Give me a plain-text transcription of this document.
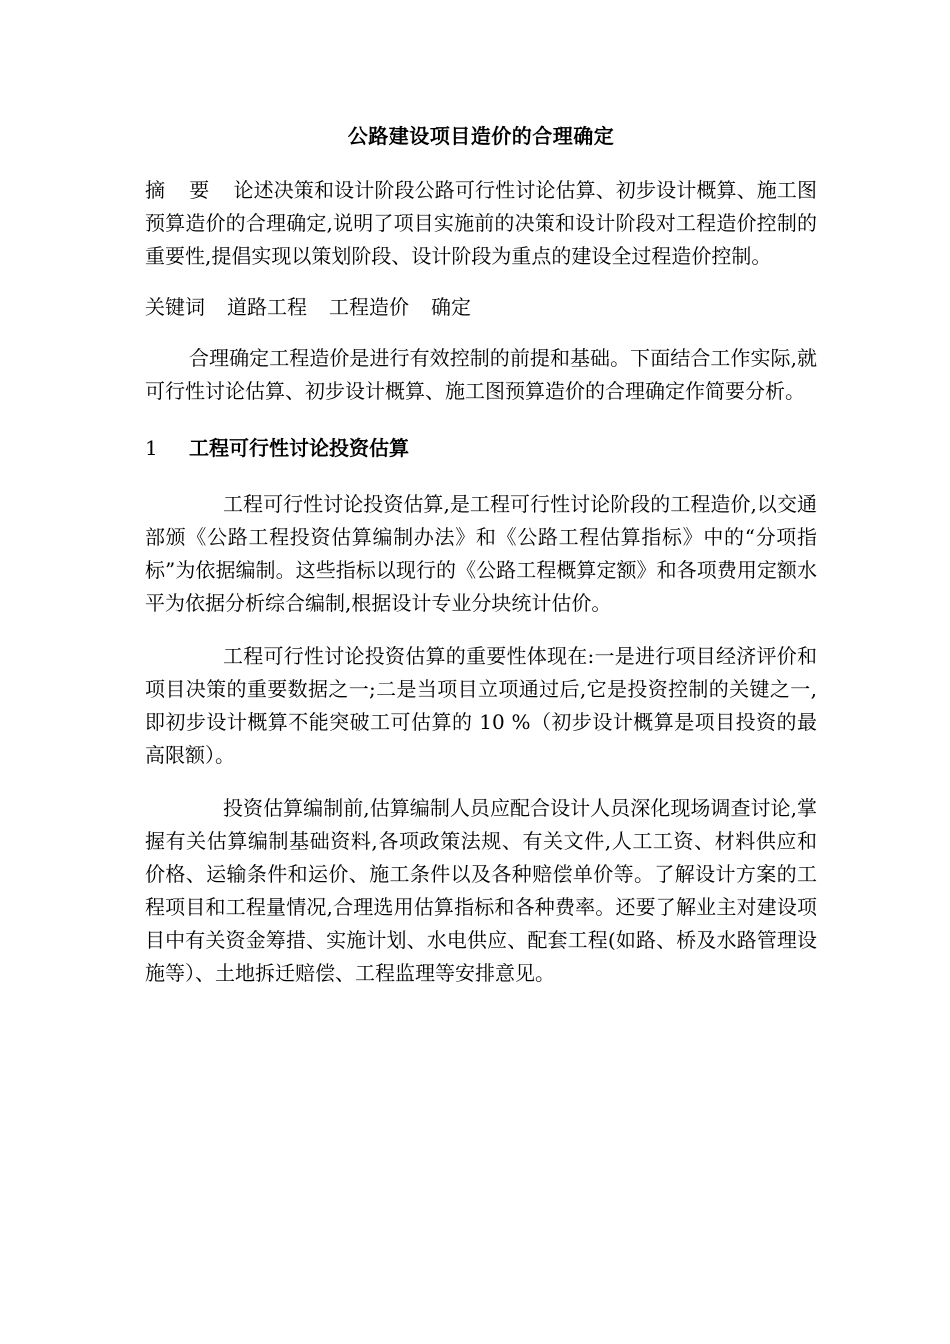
公路建设项目造价的合理确定

摘 要 论述决策和设计阶段公路可行性讨论估算、初步设计概算、施工图预算造价的合理确定,说明了项目实施前的决策和设计阶段对工程造价控制的重要性,提倡实现以策划阶段、设计阶段为重点的建设全过程造价控制。

关键词 道路工程 工程造价 确定

合理确定工程造价是进行有效控制的前提和基础。下面结合工作实际,就可行性讨论估算、初步设计概算、施工图预算造价的合理确定作简要分析。

1 工程可行性讨论投资估算

工程可行性讨论投资估算,是工程可行性讨论阶段的工程造价,以交通部颁《公路工程投资估算编制办法》和《公路工程估算指标》中的“分项指标”为依据编制。这些指标以现行的《公路工程概算定额》和各项费用定额水平为依据分析综合编制,根据设计专业分块统计估价。

工程可行性讨论投资估算的重要性体现在:一是进行项目经济评价和项目决策的重要数据之一;二是当项目立项通过后,它是投资控制的关键之一,即初步设计概算不能突破工可估算的 10 %（初步设计概算是项目投资的最高限额）。

投资估算编制前,估算编制人员应配合设计人员深化现场调查讨论,掌握有关估算编制基础资料,各项政策法规、有关文件,人工工资、材料供应和价格、运输条件和运价、施工条件以及各种赔偿单价等。了解设计方案的工程项目和工程量情况,合理选用估算指标和各种费率。还要了解业主对建设项目中有关资金筹措、实施计划、水电供应、配套工程(如路、桥及水路管理设施等）、土地拆迁赔偿、工程监理等安排意见。
